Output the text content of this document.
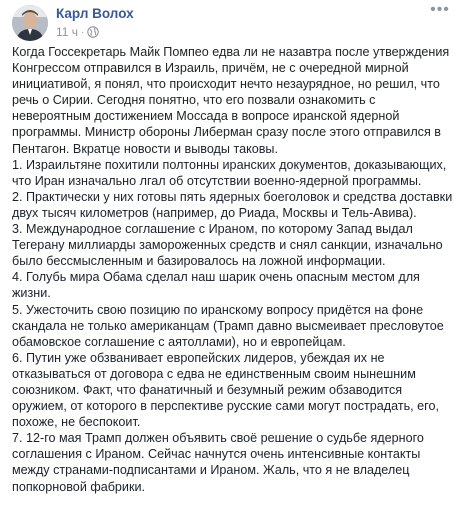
Карл Волох
11 ч ·
•••

Когда Госсекретарь Майк Помпео едва ли не назавтра после утверждения Конгрессом отправился в Израиль, причём, не с очередной мирной инициативой, я понял, что происходит нечто незаурядное, но решил, что речь о Сирии. Сегодня понятно, что его позвали ознакомить с невероятным достижением Моссада в вопросе иранской ядерной программы. Министр обороны Либерман сразу после этого отправился в Пентагон. Вкратце новости и выводы таковы.

1. Израильтяне похитили полтонны иранских документов, доказывающих, что Иран изначально лгал об отсутствии военно-ядерной программы.

2. Практически у них готовы пять ядерных боеголовок и средства доставки двух тысяч километров (например, до Риада, Москвы и Тель-Авива).

3. Международное соглашение с Ираном, по которому Запад выдал Тегерану миллиарды замороженных средств и снял санкции, изначально было бессмысленным и базировалось на ложной информации.

4. Голубь мира Обама сделал наш шарик очень опасным местом для жизни.

5. Ужесточить свою позицию по иранскому вопросу придётся на фоне скандала не только американцам (Трамп давно высмеивает пресловутое обамовское соглашение с аятоллами), но и европейцам.

6. Путин уже обзванивает европейских лидеров, убеждая их не отказываться от договора с едва не единственным своим нынешним союзником. Факт, что фанатичный и безумный режим обзаводится оружием, от которого в перспективе русские сами могут пострадать, его, похоже, не беспокоит.

7. 12-го мая Трамп должен объявить своё решение о судьбе ядерного соглашения с Ираном. Сейчас начнутся очень интенсивные контакты между странами-подписантами и Ираном. Жаль, что я не владелец попкорновой фабрики.
